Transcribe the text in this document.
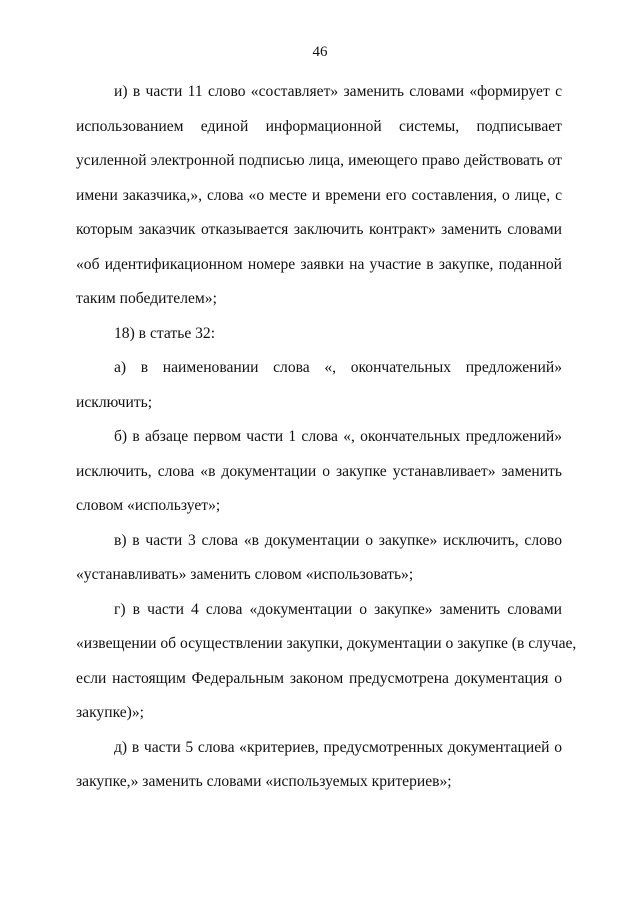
46
и) в части 11 слово «составляет» заменить словами «формирует с
использованием единой информационной системы, подписывает
усиленной электронной подписью лица, имеющего право действовать от
имени заказчика,», слова «о месте и времени его составления, о лице, с
которым заказчик отказывается заключить контракт» заменить словами
«об идентификационном номере заявки на участие в закупке, поданной
таким победителем»;
18) в статье 32:
а) в наименовании слова «, окончательных предложений»
исключить;
б) в абзаце первом части 1 слова «, окончательных предложений»
исключить, слова «в документации о закупке устанавливает» заменить
словом «использует»;
в) в части 3 слова «в документации о закупке» исключить, слово
«устанавливать» заменить словом «использовать»;
г) в части 4 слова «документации о закупке» заменить словами
«извещении об осуществлении закупки, документации о закупке (в случае,
если настоящим Федеральным законом предусмотрена документация о
закупке)»;
д) в части 5 слова «критериев, предусмотренных документацией о
закупке,» заменить словами «используемых критериев»;
